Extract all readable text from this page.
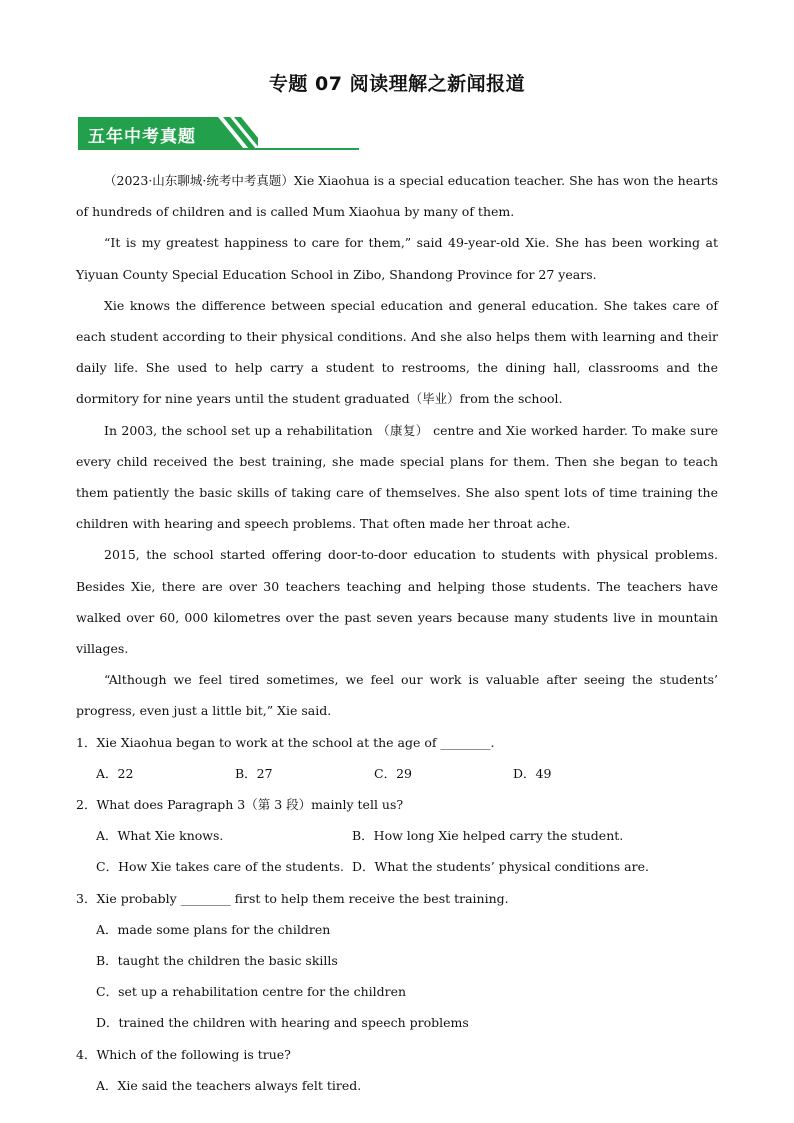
专题 07 阅读理解之新闻报道
五年中考真题

（2023·山东聊城·统考中考真题）Xie Xiaohua is a special education teacher. She has won the hearts of hundreds of children and is called Mum Xiaohua by many of them.

“It is my greatest happiness to care for them,” said 49-year-old Xie. She has been working at Yiyuan County Special Education School in Zibo, Shandong Province for 27 years.

Xie knows the difference between special education and general education. She takes care of each student according to their physical conditions. And she also helps them with learning and their daily life. She used to help carry a student to restrooms, the dining hall, classrooms and the dormitory for nine years until the student graduated（毕业）from the school.

In 2003, the school set up a rehabilitation （康复） centre and Xie worked harder. To make sure every child received the best training, she made special plans for them. Then she began to teach them patiently the basic skills of taking care of themselves. She also spent lots of time training the children with hearing and speech problems. That often made her throat ache.

2015, the school started offering door-to-door education to students with physical problems. Besides Xie, there are over 30 teachers teaching and helping those students. The teachers have walked over 60, 000 kilometres over the past seven years because many students live in mountain villages.

“Although we feel tired sometimes, we feel our work is valuable after seeing the students’ progress, even just a little bit,” Xie said.

1．Xie Xiaohua began to work at the school at the age of ________.

A．22	B．27	C．29	D．49

2．What does Paragraph 3（第 3 段）mainly tell us?

A．What Xie knows.	B．How long Xie helped carry the student.
C．How Xie takes care of the students. D．What the students’ physical conditions are.

3．Xie probably ________ first to help them receive the best training.

A．made some plans for the children

B．taught the children the basic skills

C．set up a rehabilitation centre for the children

D．trained the children with hearing and speech problems

4．Which of the following is true?

A．Xie said the teachers always felt tired.
